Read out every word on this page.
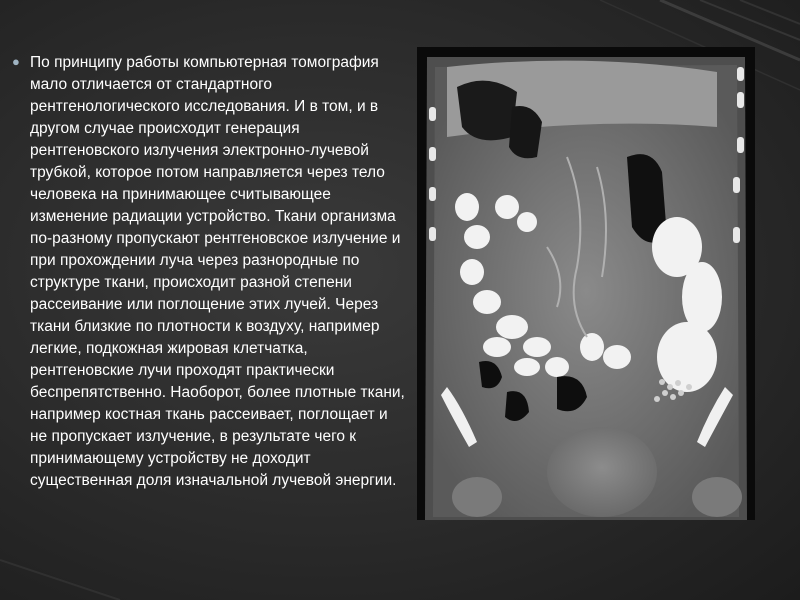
● По принципу работы компьютерная томография мало отличается от стандартного рентгенологического исследования. И в том, и в другом случае происходит генерация рентгеновского излучения электронно-лучевой трубкой, которое потом направляется через тело человека на принимающее считывающее изменение радиации устройство. Ткани организма по-разному пропускают рентгеновское излучение и при прохождении луча через разнородные по структуре ткани, происходит разной степени рассеивание или поглощение этих лучей. Через ткани близкие по плотности к воздуху, например легкие, подкожная жировая клетчатка, рентгеновские лучи проходят практически беспрепятственно. Наоборот, более плотные ткани, например костная ткань рассеивает, поглощает и не пропускает излучение, в результате чего к принимающему устройству не доходит существенная доля изначальной лучевой энергии.
